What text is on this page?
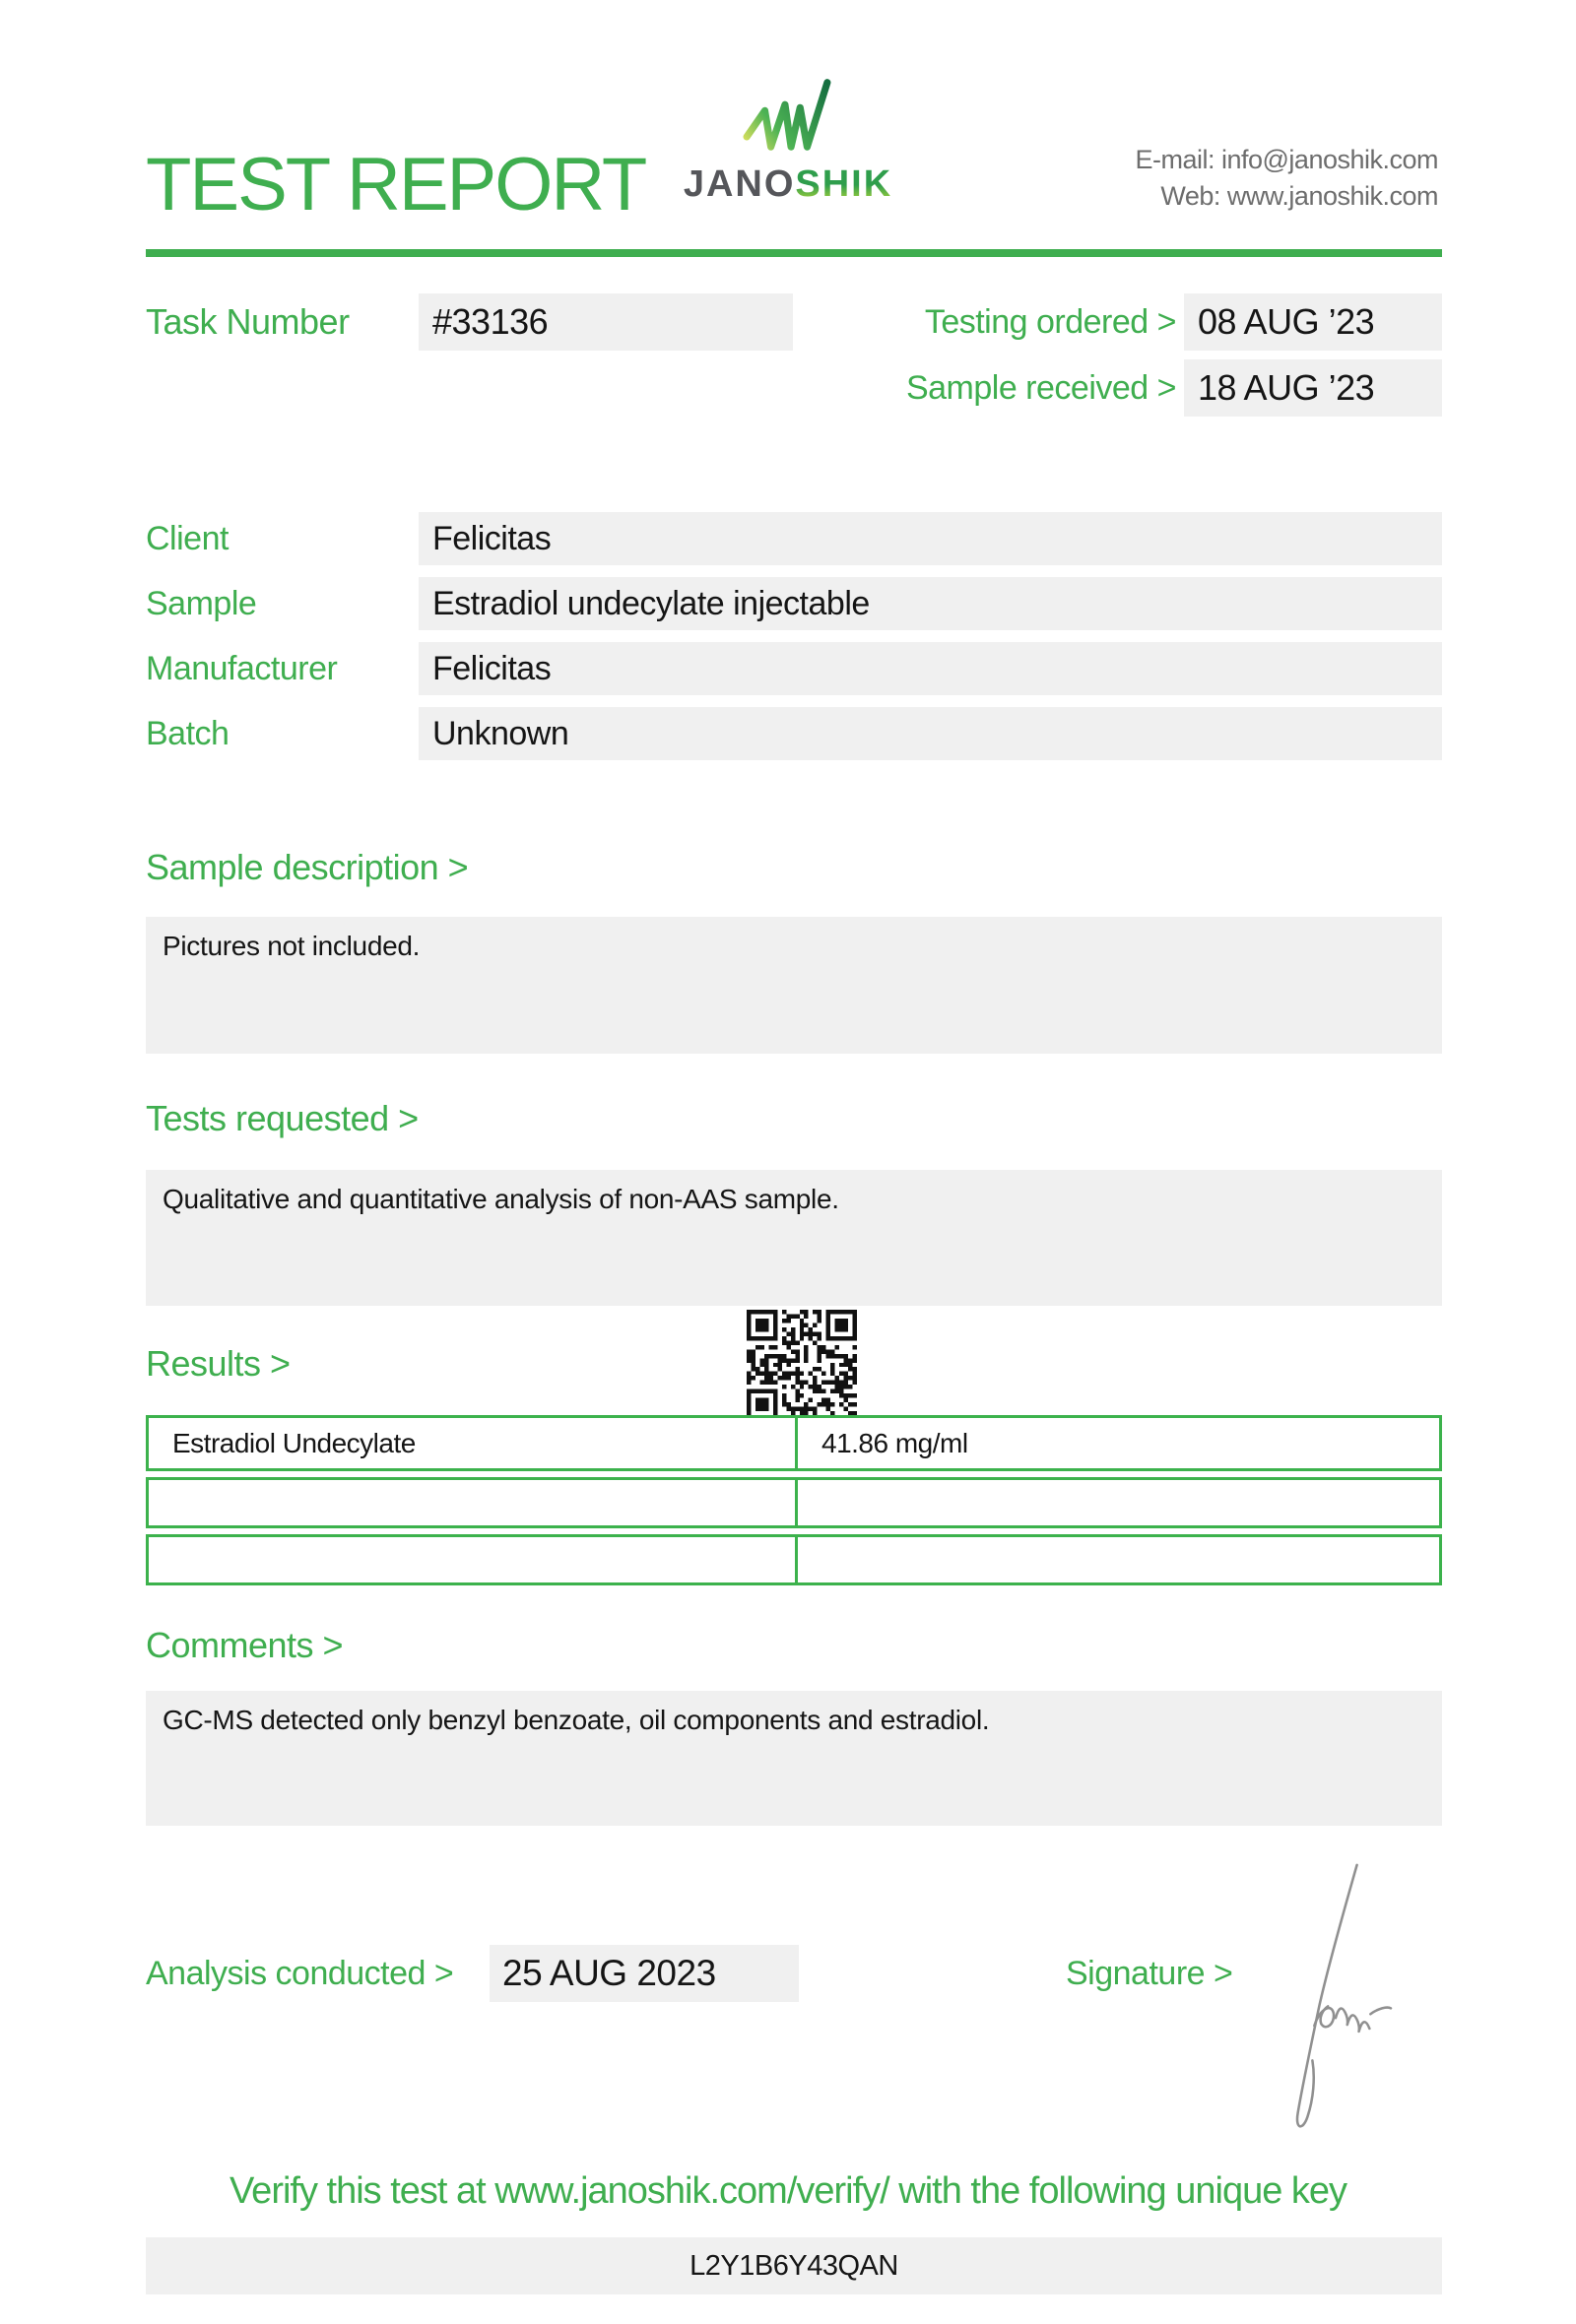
TEST REPORT	JANOSHIK
E-mail: info@janoshik.com
Web: www.janoshik.com
Task Number	#33136	Testing ordered > 08 AUG ’23
Sample received > 18 AUG ’23
Client	Felicitas
Sample	Estradiol undecylate injectable
Manufacturer	Felicitas
Batch	Unknown
Sample description >
Pictures not included.
Tests requested >
Qualitative and quantitative analysis of non-AAS sample.
Results >
Estradiol Undecylate	41.86 mg/ml
Comments >
GC-MS detected only benzyl benzoate, oil components and estradiol.
Analysis conducted >	25 AUG 2023	Signature >
Verify this test at www.janoshik.com/verify/ with the following unique key
L2Y1B6Y43QAN
